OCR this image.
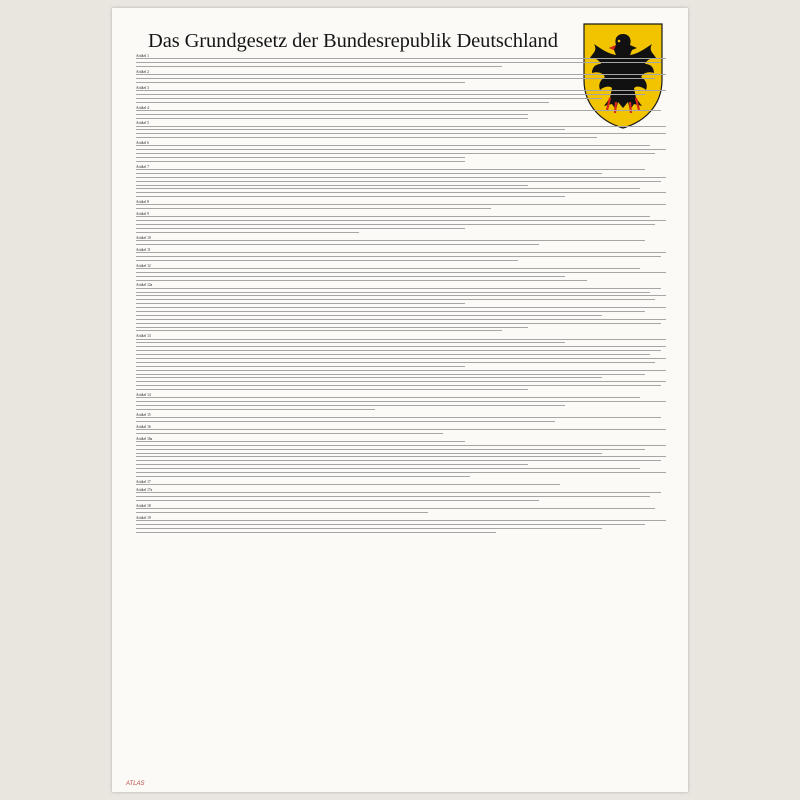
Das Grundgesetz der Bundesrepublik Deutschland
Artikel 1
Artikel 2
Artikel 3
Artikel 4
Artikel 5
Artikel 6
Artikel 7
Artikel 8
Artikel 9
Artikel 10
Artikel 11
Artikel 12
Artikel 12a
Artikel 13
Artikel 14
Artikel 15
Artikel 16
Artikel 16a
Artikel 17
Artikel 17a
Artikel 18
Artikel 19
ATLAS
